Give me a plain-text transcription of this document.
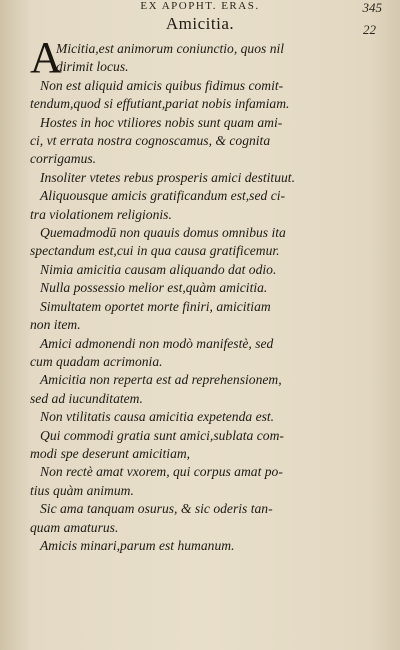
EX APOPHT. ERAS.	345
Amicitia.	22

A
Micitia,est animorum coniunctio, quos nil
dirimit locus.

Non est aliquid amicis quibus fidimus comit-
tendum,quod si effutiant,pariat nobis infamiam.

Hostes in hoc vtiliores nobis sunt quam ami-
ci, vt errata nostra cognoscamus, & cognita
corrigamus.

Insoliter vtetes rebus prosperis amici destituut.

Aliquousque amicis gratificandum est,sed ci-
tra violationem religionis.

Quemadmodū non quauis domus omnibus ita
spectandum est,cui in qua causa gratificemur.

Nimia amicitia causam aliquando dat odio.

Nulla possessio melior est,quàm amicitia.

Simultatem oportet morte finiri, amicitiam
non item.

Amici admonendi non modò manifestè, sed
cum quadam acrimonia.

Amicitia non reperta est ad reprehensionem,
sed ad iucunditatem.

Non vtilitatis causa amicitia expetenda est.

Qui commodi gratia sunt amici,sublata com-
modi spe deserunt amicitiam,

Non rectè amat vxorem, qui corpus amat po-
tius quàm animum.

Sic ama tanquam osurus, & sic oderis tan-
quam amaturus.

Amicis minari,parum est humanum.
